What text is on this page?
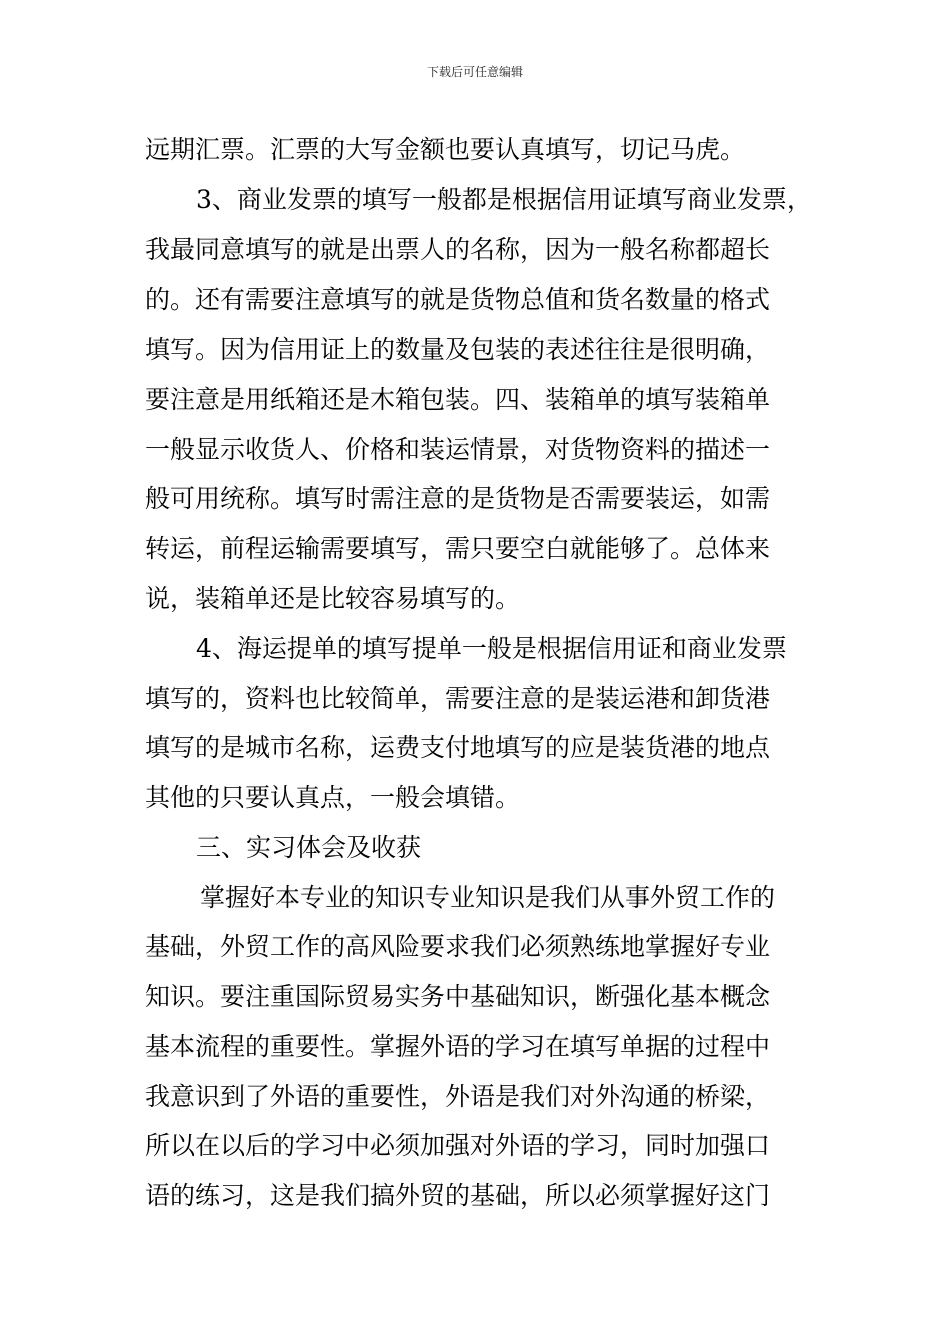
下载后可任意编辑
远期汇票。汇票的大写金额也要认真填写，切记马虎。
3、商业发票的填写一般都是根据信用证填写商业发票，
我最同意填写的就是出票人的名称，因为一般名称都超长
的。还有需要注意填写的就是货物总值和货名数量的格式
填写。因为信用证上的数量及包装的表述往往是很明确，
要注意是用纸箱还是木箱包装。四、装箱单的填写装箱单
一般显示收货人、价格和装运情景，对货物资料的描述一
般可用统称。填写时需注意的是货物是否需要装运，如需
转运，前程运输需要填写，需只要空白就能够了。总体来
说，装箱单还是比较容易填写的。
4、海运提单的填写提单一般是根据信用证和商业发票
填写的，资料也比较简单，需要注意的是装运港和卸货港
填写的是城市名称，运费支付地填写的应是装货港的地点
其他的只要认真点，一般会填错。
三、实习体会及收获
掌握好本专业的知识专业知识是我们从事外贸工作的
基础，外贸工作的高风险要求我们必须熟练地掌握好专业
知识。要注重国际贸易实务中基础知识，断强化基本概念
基本流程的重要性。掌握外语的学习在填写单据的过程中
我意识到了外语的重要性，外语是我们对外沟通的桥梁，
所以在以后的学习中必须加强对外语的学习，同时加强口
语的练习，这是我们搞外贸的基础，所以必须掌握好这门
